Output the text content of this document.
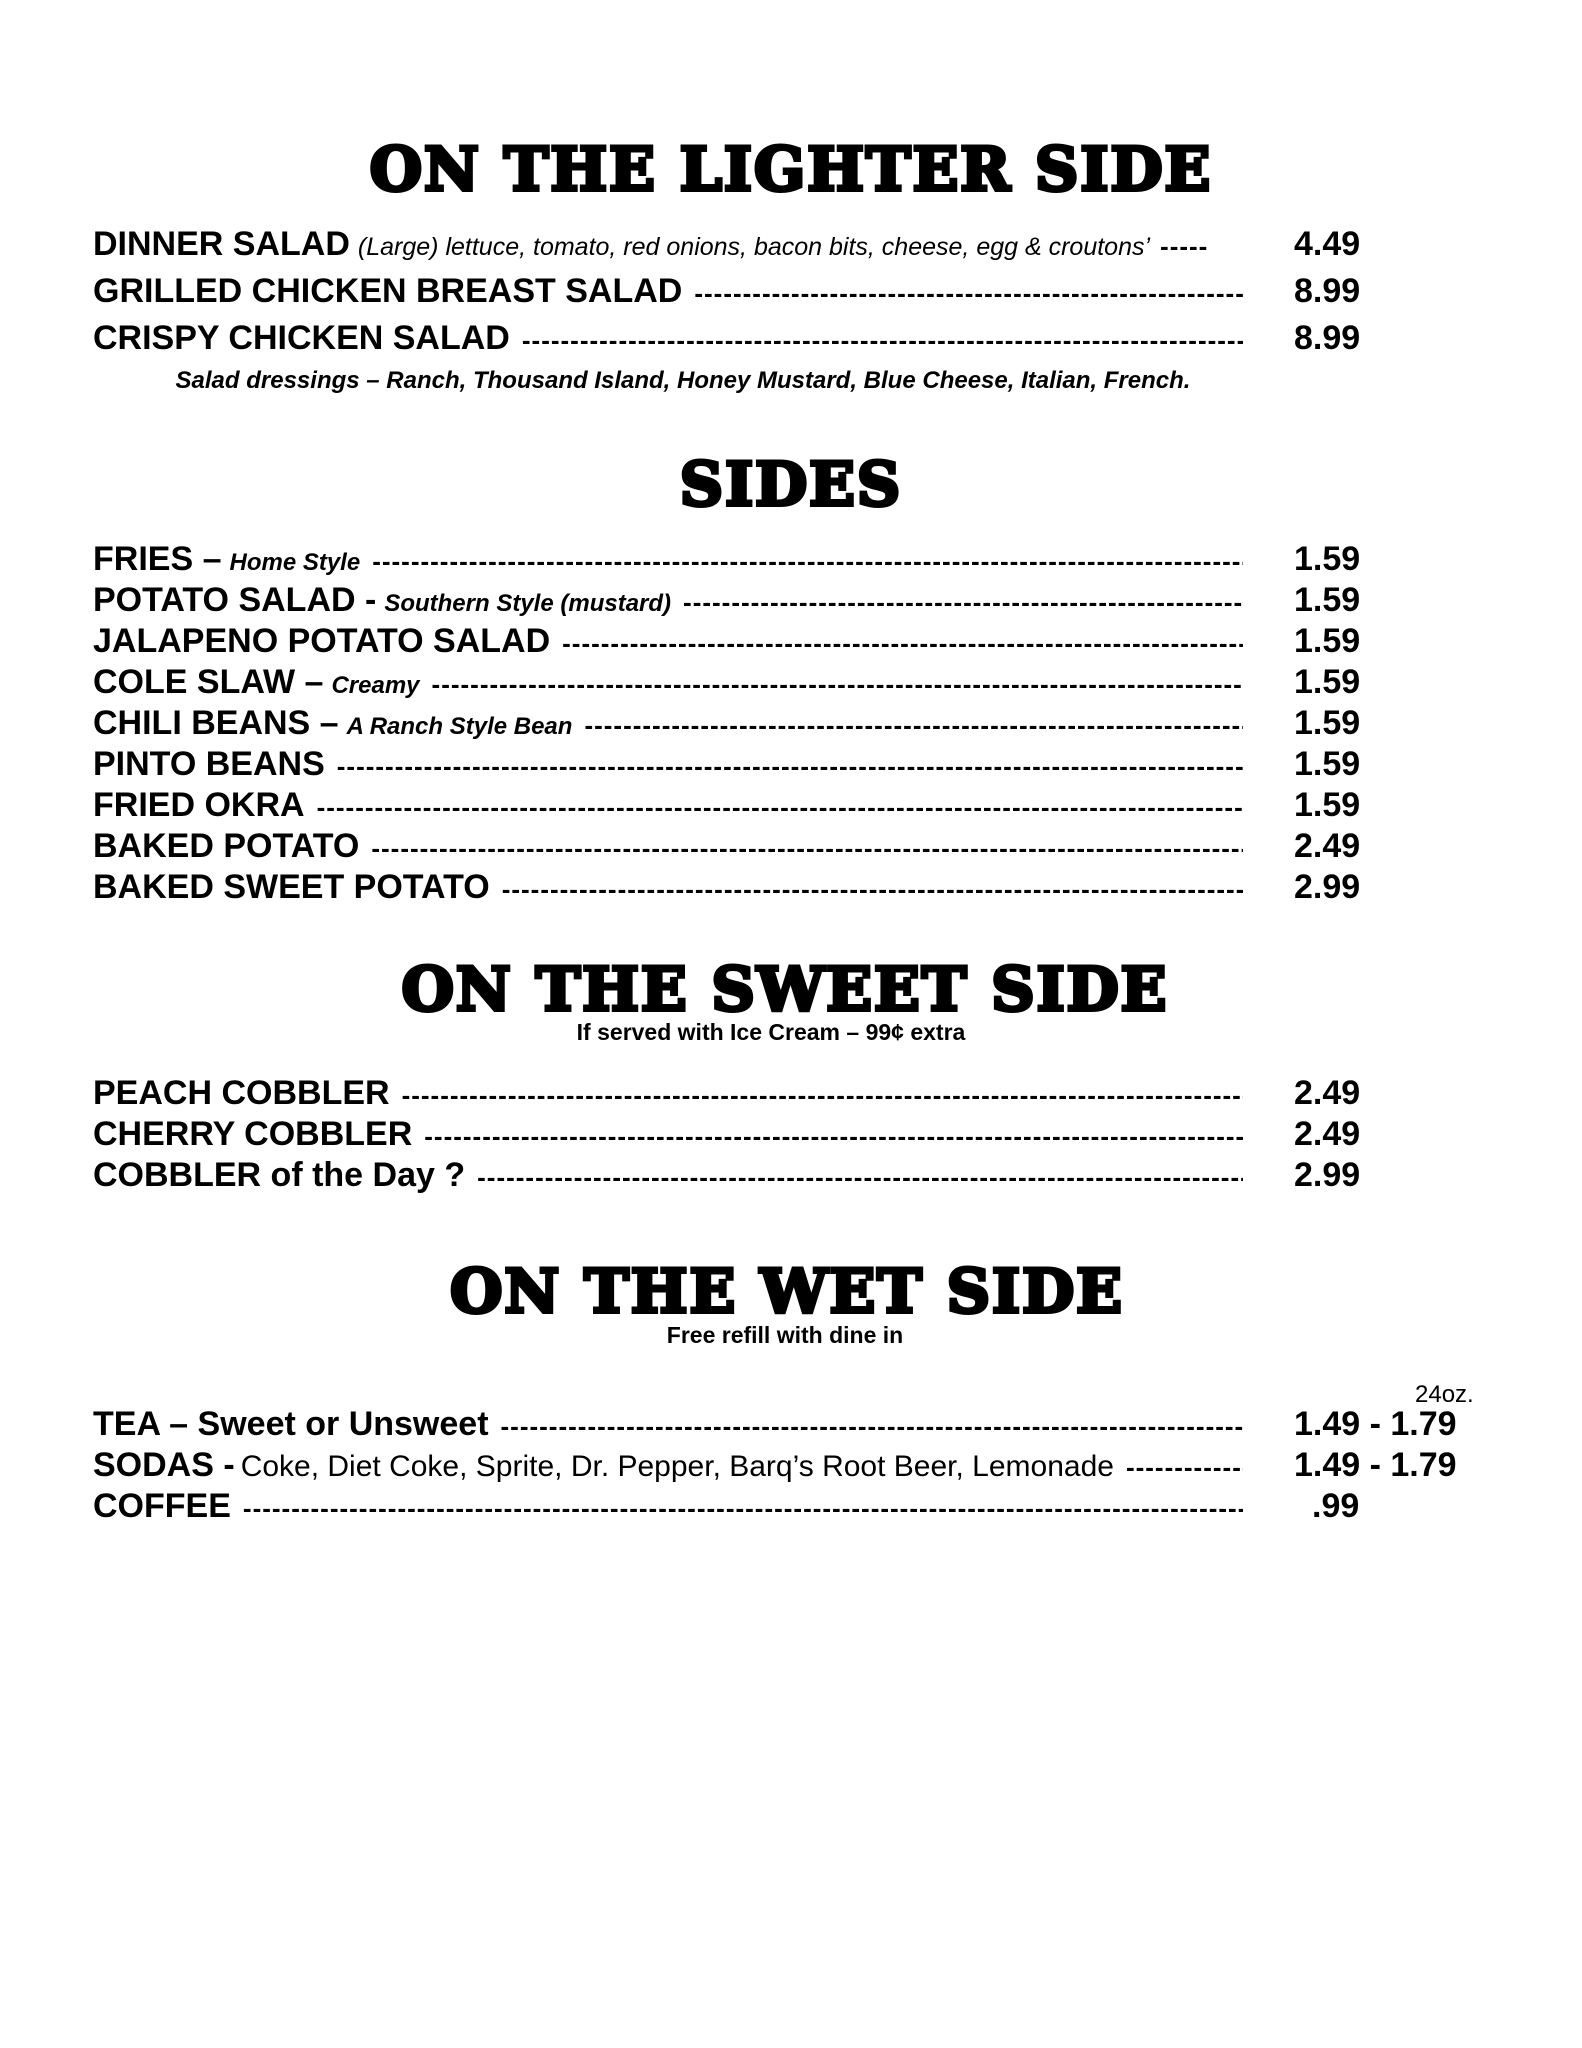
ON THE LIGHTER SIDE
DINNER SALAD (Large) lettuce, tomato, red onions, bacon bits, cheese, egg & croutons’ -----	4.49
GRILLED CHICKEN BREAST SALAD -----	8.99
CRISPY CHICKEN SALAD -----	8.99
Salad dressings – Ranch, Thousand Island, Honey Mustard, Blue Cheese, Italian, French.
SIDES
FRIES – Home Style -----	1.59
POTATO SALAD - Southern Style (mustard) -----	1.59
JALAPENO POTATO SALAD -----	1.59
COLE SLAW – Creamy -----	1.59
CHILI BEANS – A Ranch Style Bean -----	1.59
PINTO BEANS -----	1.59
FRIED OKRA -----	1.59
BAKED POTATO -----	2.49
BAKED SWEET POTATO -----	2.99
ON THE SWEET SIDE
If served with Ice Cream – 99¢ extra
PEACH COBBLER -----	2.49
CHERRY COBBLER -----	2.49
COBBLER of the Day ? -----	2.99
ON THE WET SIDE
Free refill with dine in
24oz.
TEA – Sweet or Unsweet -----	1.49 - 1.79
SODAS - Coke, Diet Coke, Sprite, Dr. Pepper, Barq’s Root Beer, Lemonade -----	1.49 - 1.79
COFFEE -----	.99
